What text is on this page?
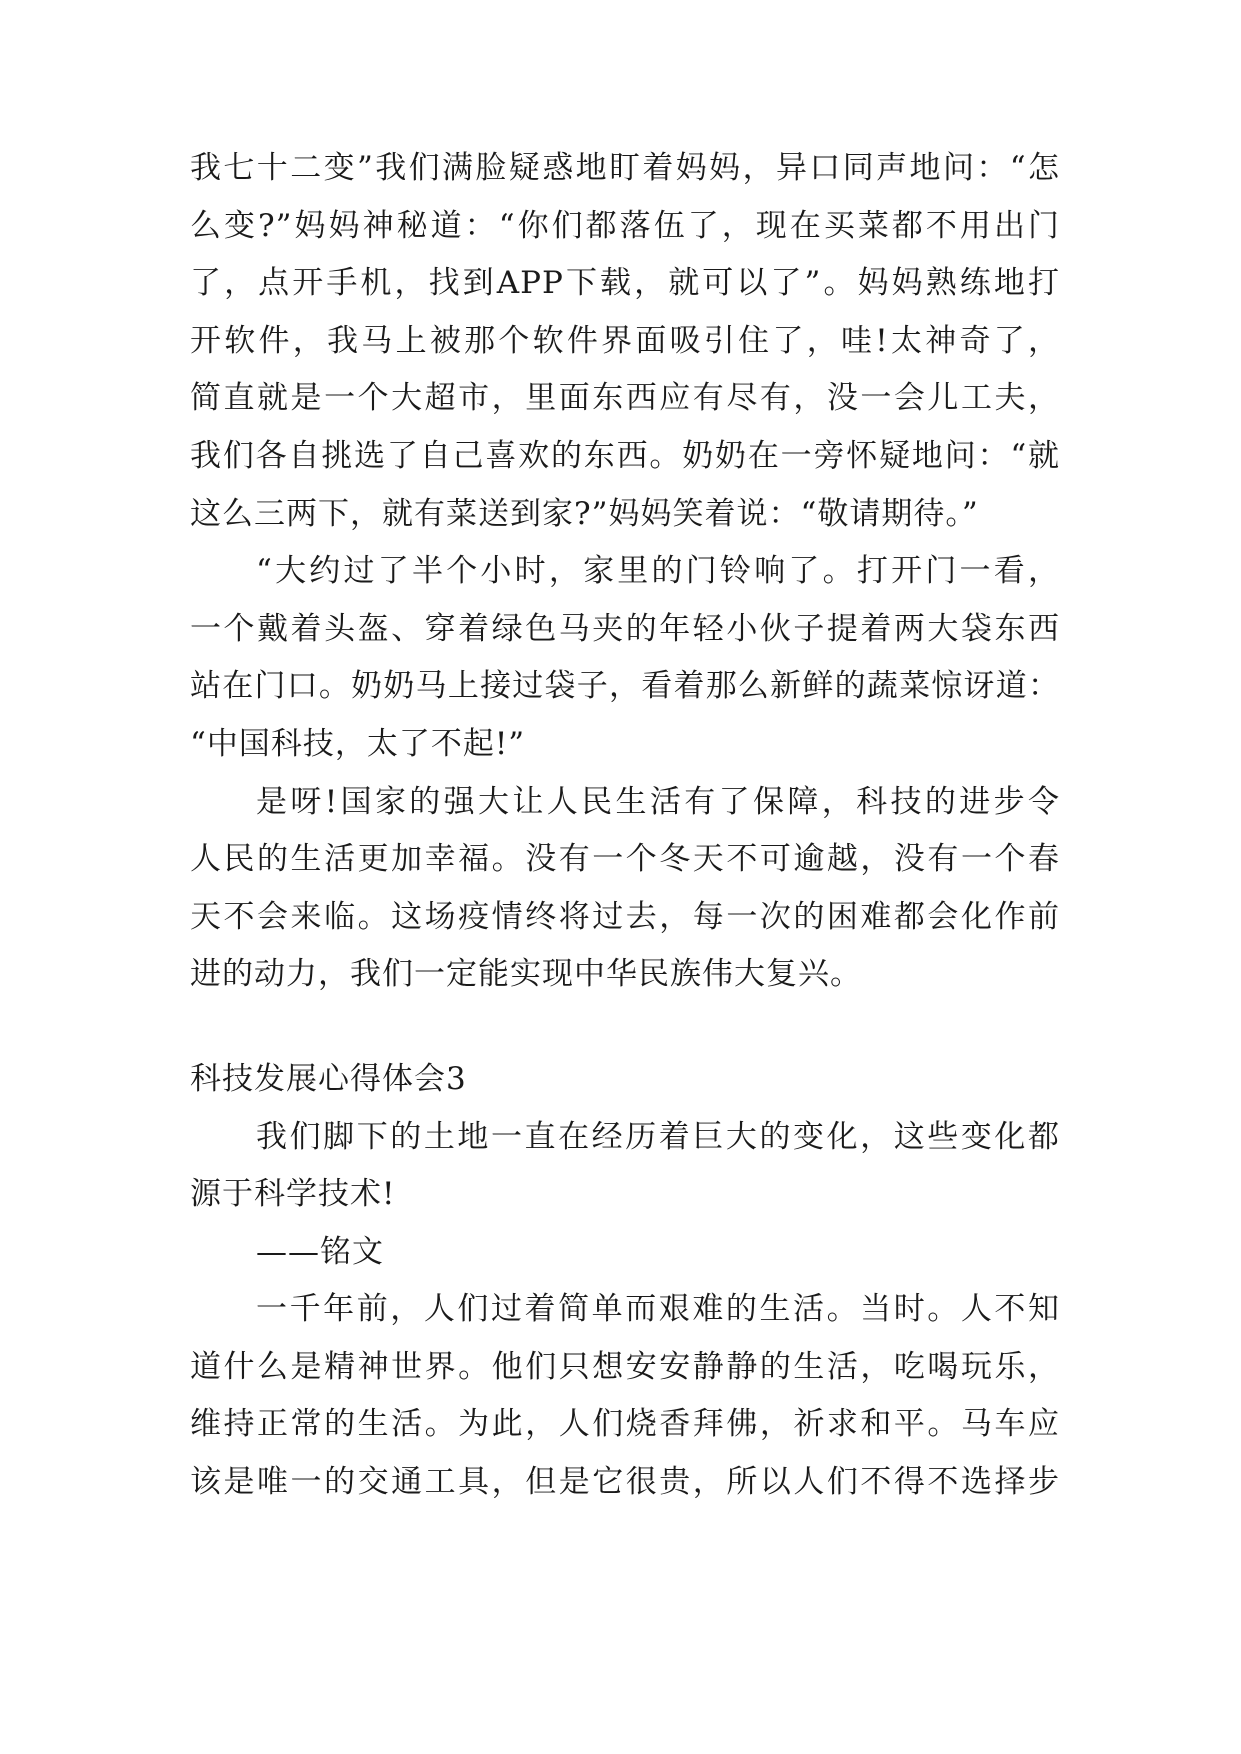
我七十二变”我们满脸疑惑地盯着妈妈，异口同声地问：“怎
么变?”妈妈神秘道：“你们都落伍了，现在买菜都不用出门
了，点开手机，找到APP下载，就可以了”。妈妈熟练地打
开软件，我马上被那个软件界面吸引住了，哇!太神奇了，
简直就是一个大超市，里面东西应有尽有，没一会儿工夫，
我们各自挑选了自己喜欢的东西。奶奶在一旁怀疑地问：“就
这么三两下，就有菜送到家?”妈妈笑着说：“敬请期待。”
“大约过了半个小时，家里的门铃响了。打开门一看，
一个戴着头盔、穿着绿色马夹的年轻小伙子提着两大袋东西
站在门口。奶奶马上接过袋子，看着那么新鲜的蔬菜惊讶道：
“中国科技，太了不起!”
是呀!国家的强大让人民生活有了保障，科技的进步令
人民的生活更加幸福。没有一个冬天不可逾越，没有一个春
天不会来临。这场疫情终将过去，每一次的困难都会化作前
进的动力，我们一定能实现中华民族伟大复兴。
科技发展心得体会3
我们脚下的土地一直在经历着巨大的变化，这些变化都
源于科学技术!
——铭文
一千年前，人们过着简单而艰难的生活。当时。人不知
道什么是精神世界。他们只想安安静静的生活，吃喝玩乐，
维持正常的生活。为此，人们烧香拜佛，祈求和平。马车应
该是唯一的交通工具，但是它很贵，所以人们不得不选择步
